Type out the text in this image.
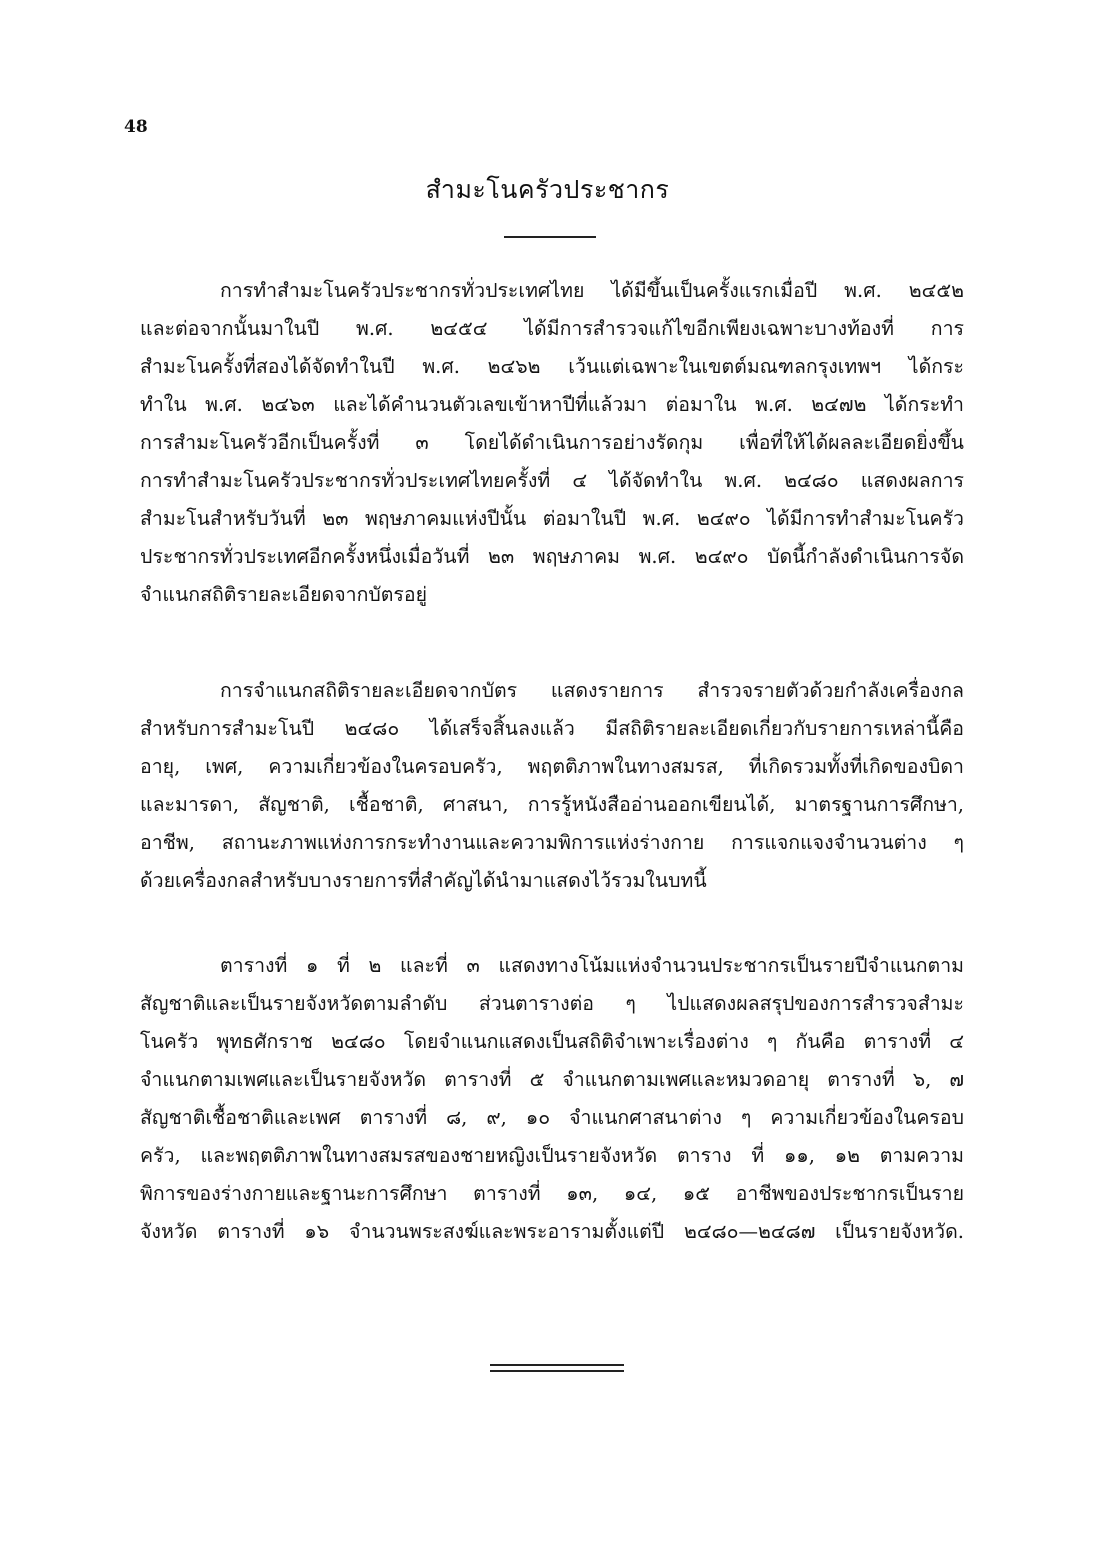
48
สำมะโนครัวประชากร
การทำสำมะโนครัวประชากรทั่วประเทศไทย ได้มีขึ้นเป็นครั้งแรกเมื่อปี พ.ศ. ๒๔๕๒
และต่อจากนั้นมาในปี พ.ศ. ๒๔๕๔ ได้มีการสำรวจแก้ไขอีกเพียงเฉพาะบางท้องที่ การ
สำมะโนครั้งที่สองได้จัดทำในปี พ.ศ. ๒๔๖๒ เว้นแต่เฉพาะในเขตต์มณฑลกรุงเทพฯ ได้กระ
ทำใน พ.ศ. ๒๔๖๓ และได้คำนวนตัวเลขเข้าหาปีที่แล้วมา ต่อมาใน พ.ศ. ๒๔๗๒ ได้กระทำ
การสำมะโนครัวอีกเป็นครั้งที่ ๓ โดยได้ดำเนินการอย่างรัดกุม เพื่อที่ให้ได้ผลละเอียดยิ่งขึ้น
การทำสำมะโนครัวประชากรทั่วประเทศไทยครั้งที่ ๔ ได้จัดทำใน พ.ศ. ๒๔๘๐ แสดงผลการ
สำมะโนสำหรับวันที่ ๒๓ พฤษภาคมแห่งปีนั้น ต่อมาในปี พ.ศ. ๒๔๙๐ ได้มีการทำสำมะโนครัว
ประชากรทั่วประเทศอีกครั้งหนึ่งเมื่อวันที่ ๒๓ พฤษภาคม พ.ศ. ๒๔๙๐ บัดนี้กำลังดำเนินการจัด
จำแนกสถิติรายละเอียดจากบัตรอยู่
การจำแนกสถิติรายละเอียดจากบัตร แสดงรายการ สำรวจรายตัวด้วยกำลังเครื่องกล
สำหรับการสำมะโนปี ๒๔๘๐ ได้เสร็จสิ้นลงแล้ว มีสถิติรายละเอียดเกี่ยวกับรายการเหล่านี้คือ
อายุ, เพศ, ความเกี่ยวข้องในครอบครัว, พฤตติภาพในทางสมรส, ที่เกิดรวมทั้งที่เกิดของบิดา
และมารดา, สัญชาติ, เชื้อชาติ, ศาสนา, การรู้หนังสืออ่านออกเขียนได้, มาตรฐานการศึกษา,
อาชีพ, สถานะภาพแห่งการกระทำงานและความพิการแห่งร่างกาย การแจกแจงจำนวนต่าง ๆ
ด้วยเครื่องกลสำหรับบางรายการที่สำคัญได้นำมาแสดงไว้รวมในบทนี้
ตารางที่ ๑ ที่ ๒ และที่ ๓ แสดงทางโน้มแห่งจำนวนประชากรเป็นรายปีจำแนกตาม
สัญชาติและเป็นรายจังหวัดตามลำดับ ส่วนตารางต่อ ๆ ไปแสดงผลสรุปของการสำรวจสำมะ
โนครัว พุทธศักราช ๒๔๘๐ โดยจำแนกแสดงเป็นสถิติจำเพาะเรื่องต่าง ๆ กันคือ ตารางที่ ๔
จำแนกตามเพศและเป็นรายจังหวัด ตารางที่ ๕ จำแนกตามเพศและหมวดอายุ ตารางที่ ๖, ๗
สัญชาติเชื้อชาติและเพศ ตารางที่ ๘, ๙, ๑๐ จำแนกศาสนาต่าง ๆ ความเกี่ยวข้องในครอบ
ครัว, และพฤตติภาพในทางสมรสของชายหญิงเป็นรายจังหวัด ตาราง ที่ ๑๑, ๑๒ ตามความ
พิการของร่างกายและฐานะการศึกษา ตารางที่ ๑๓, ๑๔, ๑๕ อาชีพของประชากรเป็นราย
จังหวัด ตารางที่ ๑๖ จำนวนพระสงฆ์และพระอารามตั้งแต่ปี ๒๔๘๐—๒๔๘๗ เป็นรายจังหวัด.
